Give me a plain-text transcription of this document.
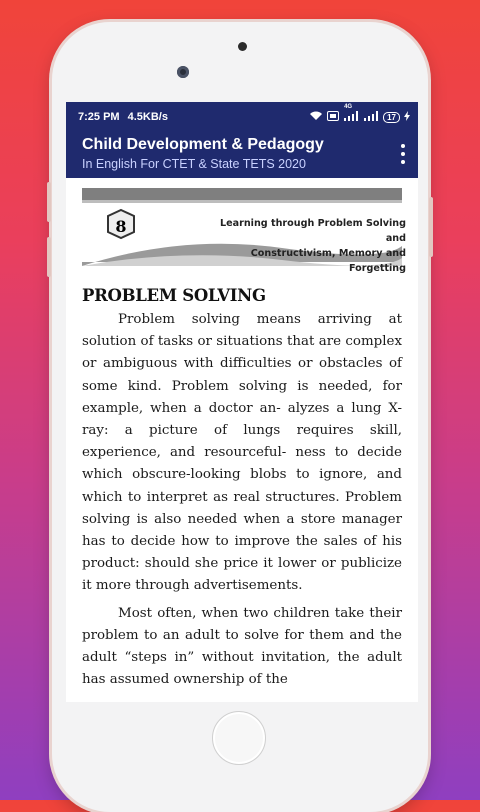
7:25 PM 4.5KB/s
4G
17
Child Development & Pedagogy
In English For CTET & State TETS 2020
8	Learning through Problem Solving and
Constructivism, Memory and Forgetting
PROBLEM SOLVING

Problem solving means arriving at solution of tasks or situations that are complex or ambiguous with difficulties or obstacles of some kind. Problem solving is needed, for example, when a doctor an- alyzes a lung X-ray: a picture of lungs requires skill, experience, and resourceful- ness to decide which obscure-looking blobs to ignore, and which to interpret as real structures. Problem solving is also needed when a store manager has to decide how to improve the sales of his product: should she price it lower or publicize it more through advertisements.

Most often, when two children take their problem to an adult to solve for them and the adult “steps in” without invitation, the adult has assumed ownership of the
